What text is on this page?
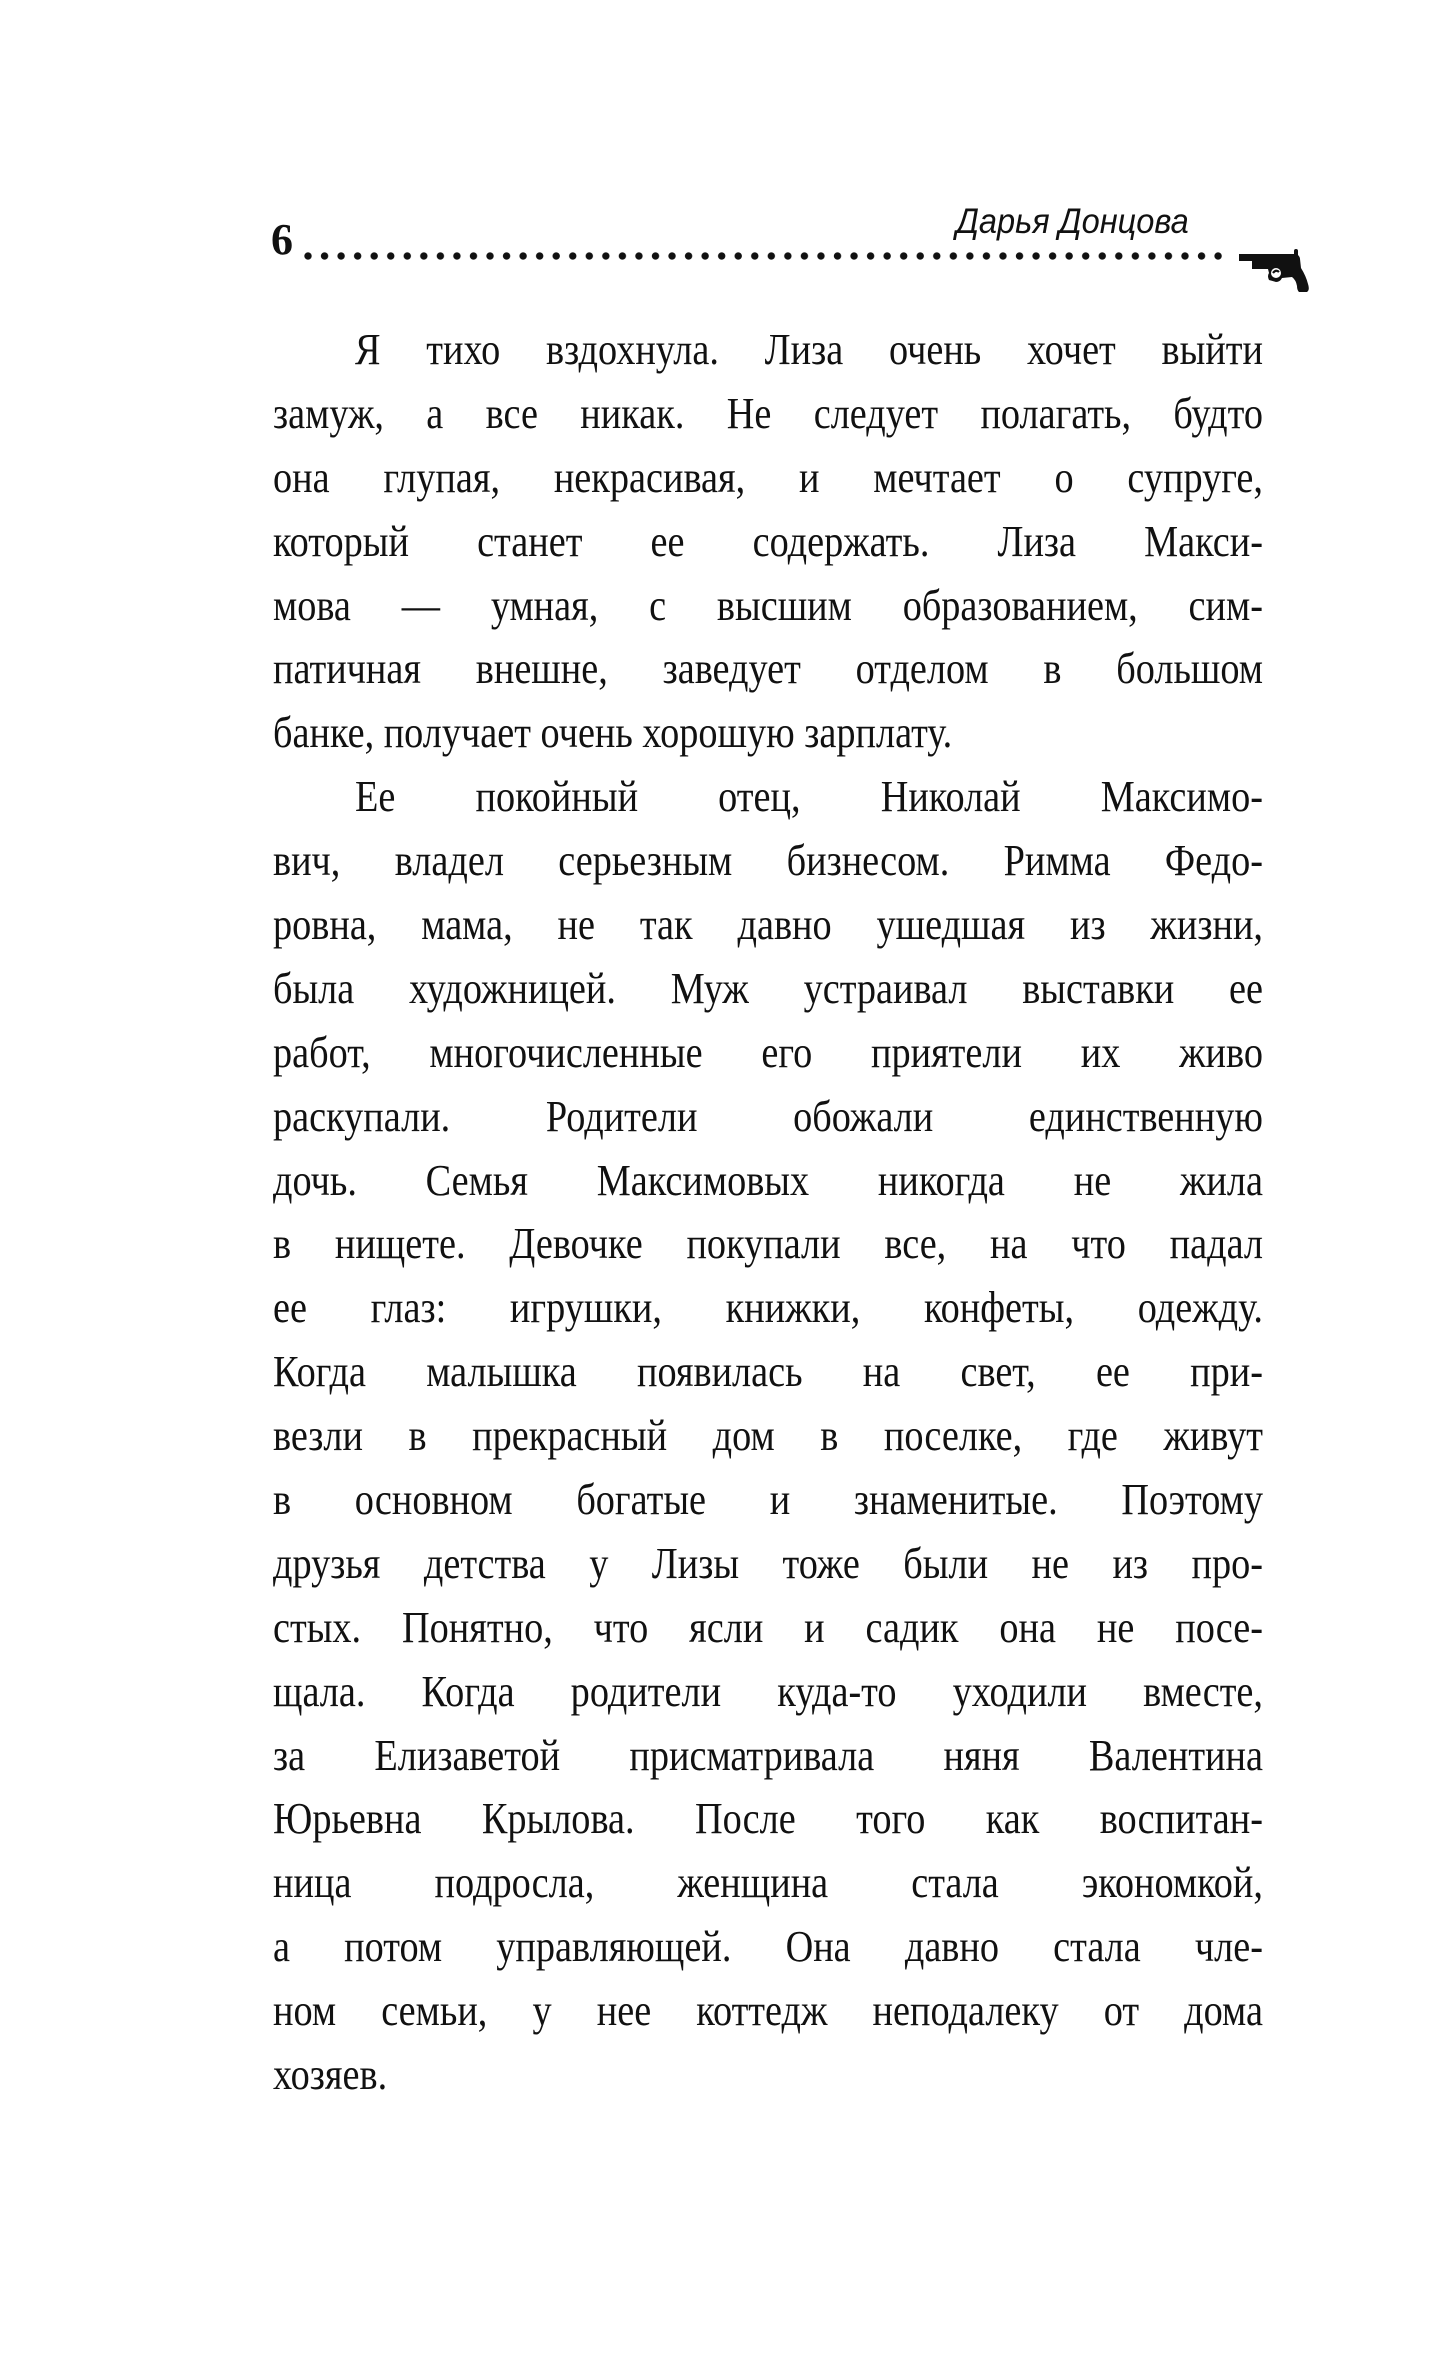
6	Дарья Донцова
Я тихо вздохнула. Лиза очень хочет выйти
замуж, а все никак. Не следует полагать, будто
она глупая, некрасивая, и мечтает о супруге,
который станет ее содержать. Лиза Макси-
мова — умная, с высшим образованием, сим-
патичная внешне, заведует отделом в большом
банке, получает очень хорошую зарплату.
Ее покойный отец, Николай Максимо-
вич, владел серьезным бизнесом. Римма Федо-
ровна, мама, не так давно ушедшая из жизни,
была художницей. Муж устраивал выставки ее
работ, многочисленные его приятели их живо
раскупали. Родители обожали единственную
дочь. Семья Максимовых никогда не жила
в нищете. Девочке покупали все, на что падал
ее глаз: игрушки, книжки, конфеты, одежду.
Когда малышка появилась на свет, ее при-
везли в прекрасный дом в поселке, где живут
в основном богатые и знаменитые. Поэтому
друзья детства у Лизы тоже были не из про-
стых. Понятно, что ясли и садик она не посе-
щала. Когда родители куда-то уходили вместе,
за Елизаветой присматривала няня Валентина
Юрьевна Крылова. После того как воспитан-
ница подросла, женщина стала экономкой,
а потом управляющей. Она давно стала чле-
ном семьи, у нее коттедж неподалеку от дома
хозяев.
